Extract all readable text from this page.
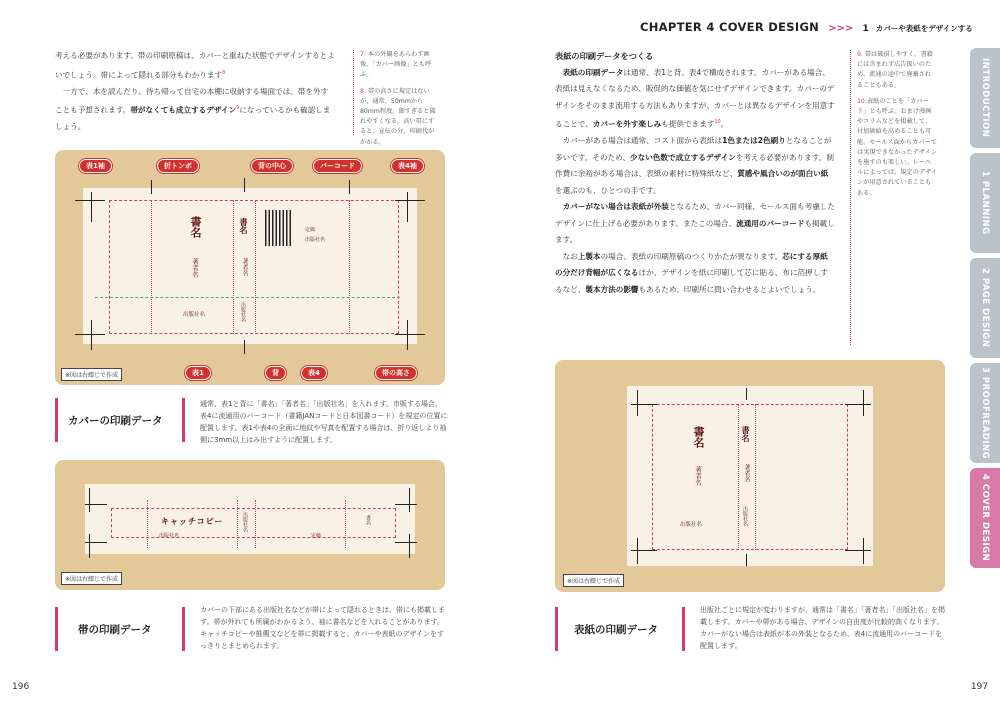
考える必要があります。帯の印刷原稿は、カバーと重ねた状態でデザインするとよいでしょう。帯によって隠れる部分もわかります$^8$

一方で、本を読んだり、待ち帰って自宅の本棚に収納する場面では、帯を外すことも予想されます。帯がなくても成立するデザイン$^9$になっているかも確認しましょう。

7. 本の外観をあらわす画像。「カバー画像」とも呼ぶ。

8. 帯の高さに規定はないが、通常、50mmから80mm程度。細すぎると破れやすくなる。高い帯にすると、宣伝の分、印刷代がかかる。

書名
著者名
出版社名
書名
著者名
出版社名
定価
出版社名
表1袖	折トンボ	背の中心	バーコード	表4袖
表1	背	表4	帯の高さ
※図は右綴じで作成
カバーの印刷データ
通常、表1と背に「書名」「著者名」「出版社名」を入れます。市販する場合、表4に流通用のバーコード（書籍JANコードと日本図書コード）を規定の位置に配置します。表1や表4の全面に地紋や写真を配置する場合は、折り返しより袖側に3mm以上はみ出すように配置します。
キャッチコピー
出版社名
出版社名
定価
書名
※図は右綴じで作成
帯の印刷データ
カバーの下部にある出版社名などが帯によって隠れるときは、帯にも掲載します。帯が外れても所属がわかるよう、袖に書名などを入れることがあります。キャッチコピーや推薦文などを帯に掲載すると、カバーや表紙のデザインをすっきりとまとめられます。
196
CHAPTER 4 COVER DESIGN >>> 1 カバーや表紙をデザインする

表紙の印刷データをつくる

表紙の印刷データは通常、表1と背、表4で構成されます。カバーがある場合、表紙は見えなくなるため、販促的な価値を気にせずデザインできます。カバーのデザインをそのまま流用する方法もありますが、カバーとは異なるデザインを用意することで、カバーを外す楽しみも提供できます$^{10}$。

カバーがある場合は通常、コスト面から表紙は1色または2色刷りとなることが多いです。そのため、少ない色数で成立するデザインを考える必要があります。制作費に余裕がある場合は、表紙の素材に特殊紙など、質感や風合いのが面白い紙を選ぶのも、ひとつの手です。

カバーがない場合は表紙が外装となるため、カバー同様、セールス面も考慮したデザインに仕上げる必要があります。またこの場合、流通用のバーコードも掲載します。

なお上製本の場合、表紙の印刷原稿のつくりかたが異なります。芯にする厚紙の分だけ背幅が広くなるほか、デザインを紙に印刷して芯に貼る、布に箔押しするなど、製本方法の影響もあるため、印刷所に問い合わせるとよいでしょう。

9. 帯は破損しやすく、書籍には含まれず広告扱いのため、流通の途中で廃棄されることもある。

10.表紙のことを「カバー下」とも呼ぶ。おまけ漫画やコラムなどを掲載して、付加価値を高めることも可能。セールス面からカバーでは実現できなかったデザインを施すのも楽しい。レーベルによっては、規定のデザインが用意されていることもある。

書名
著者名
出版社名
書名
著者名
出版社名
※図は右綴じで作成
表紙の印刷データ
出版社ごとに規定が変わりますが、通常は「書名」「著者名」「出版社名」を掲載します。カバーや帯がある場合、デザインの自由度が比較的高くなります。カバーがない場合は表紙が本の外装となるため、表4に流通用のバーコードを配置します。
INTRODUCTION
1 PLANNING
2 PAGE DESIGN
3 PROOFREADING
4 COVER DESIGN
197
